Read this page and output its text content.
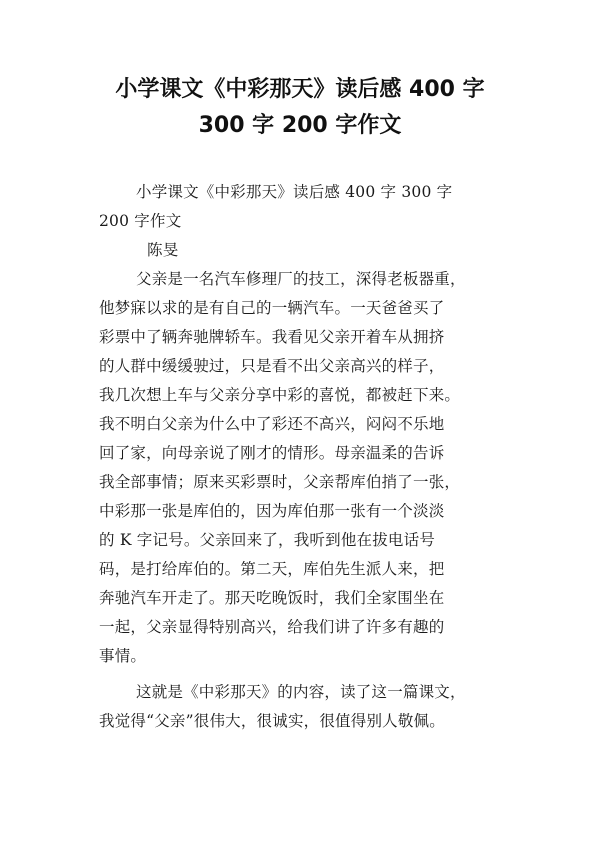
小学课文《中彩那天》读后感 400 字
300 字 200 字作文
小学课文《中彩那天》读后感 400 字 300 字
200 字作文
陈旻
父亲是一名汽车修理厂的技工，深得老板器重，
他梦寐以求的是有自己的一辆汽车。一天爸爸买了
彩票中了辆奔驰牌轿车。我看见父亲开着车从拥挤
的人群中缓缓驶过，只是看不出父亲高兴的样子，
我几次想上车与父亲分享中彩的喜悦，都被赶下来。
我不明白父亲为什么中了彩还不高兴，闷闷不乐地
回了家，向母亲说了刚才的情形。母亲温柔的告诉
我全部事情；原来买彩票时，父亲帮库伯捎了一张，
中彩那一张是库伯的，因为库伯那一张有一个淡淡
的 K 字记号。父亲回来了，我听到他在拔电话号
码，是打给库伯的。第二天，库伯先生派人来，把
奔驰汽车开走了。那天吃晚饭时，我们全家围坐在
一起，父亲显得特别高兴，给我们讲了许多有趣的
事情。
这就是《中彩那天》的内容，读了这一篇课文，
我觉得“父亲”很伟大，很诚实，很值得别人敬佩。
